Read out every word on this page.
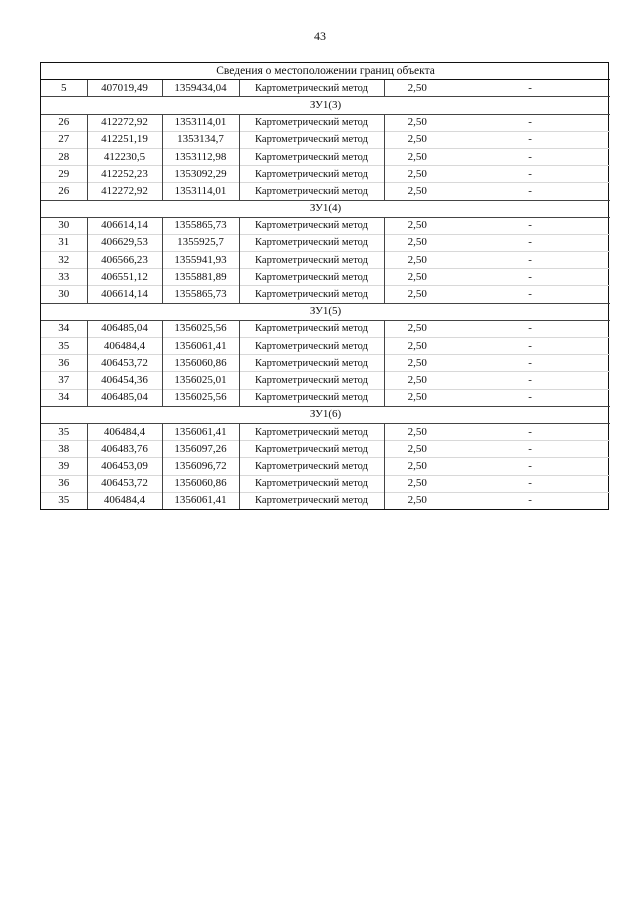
43
Сведения о местоположении границ объекта					
5	407019,49	1359434,04	Картометрический метод	2,50	-
ЗУ1(3)					
26	412272,92	1353114,01	Картометрический метод	2,50	-
27	412251,19	1353134,7	Картометрический метод	2,50	-
28	412230,5	1353112,98	Картометрический метод	2,50	-
29	412252,23	1353092,29	Картометрический метод	2,50	-
26	412272,92	1353114,01	Картометрический метод	2,50	-
ЗУ1(4)					
30	406614,14	1355865,73	Картометрический метод	2,50	-
31	406629,53	1355925,7	Картометрический метод	2,50	-
32	406566,23	1355941,93	Картометрический метод	2,50	-
33	406551,12	1355881,89	Картометрический метод	2,50	-
30	406614,14	1355865,73	Картометрический метод	2,50	-
ЗУ1(5)					
34	406485,04	1356025,56	Картометрический метод	2,50	-
35	406484,4	1356061,41	Картометрический метод	2,50	-
36	406453,72	1356060,86	Картометрический метод	2,50	-
37	406454,36	1356025,01	Картометрический метод	2,50	-
34	406485,04	1356025,56	Картометрический метод	2,50	-
ЗУ1(6)					
35	406484,4	1356061,41	Картометрический метод	2,50	-
38	406483,76	1356097,26	Картометрический метод	2,50	-
39	406453,09	1356096,72	Картометрический метод	2,50	-
36	406453,72	1356060,86	Картометрический метод	2,50	-
35	406484,4	1356061,41	Картометрический метод	2,50	-
